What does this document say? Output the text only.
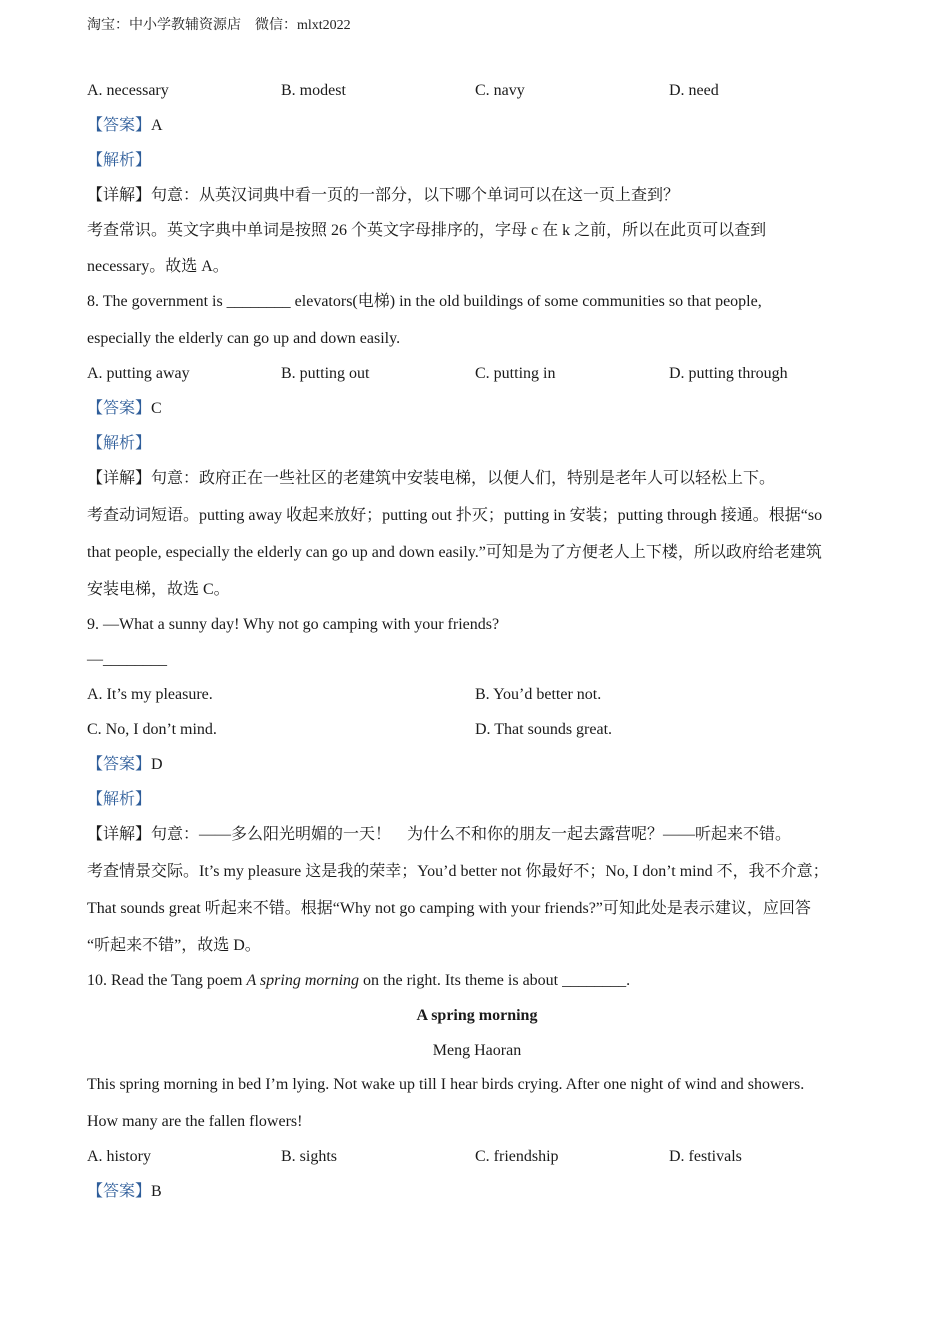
淘宝：中小学教辅资源店　微信：mlxt2022
A. necessary	B. modest	C. navy	D. need
【答案】A
【解析】
【详解】句意：从英汉词典中看一页的一部分，以下哪个单词可以在这一页上查到？
考查常识。英文字典中单词是按照 26 个英文字母排序的，字母 c 在 k 之前，所以在此页可以查到
necessary。故选 A。
8. The government is ________ elevators(电梯) in the old buildings of some communities so that people,
especially the elderly can go up and down easily.
A. putting away	B. putting out	C. putting in	D. putting through
【答案】C
【解析】
【详解】句意：政府正在一些社区的老建筑中安装电梯，以便人们，特别是老年人可以轻松上下。
考查动词短语。putting away 收起来放好；putting out 扑灭；putting in 安装；putting through 接通。根据“so
that people, especially the elderly can go up and down easily.”可知是为了方便老人上下楼，所以政府给老建筑
安装电梯，故选 C。
9. —What a sunny day! Why not go camping with your friends?
—________
A. It’s my pleasure.	B. You’d better not.
C. No, I don’t mind.	D. That sounds great.
【答案】D
【解析】
【详解】句意：——多么阳光明媚的一天！　为什么不和你的朋友一起去露营呢？——听起来不错。
考查情景交际。It’s my pleasure 这是我的荣幸；You’d better not 你最好不；No, I don’t mind 不，我不介意；
That sounds great 听起来不错。根据“Why not go camping with your friends?”可知此处是表示建议，应回答
“听起来不错”，故选 D。
10. Read the Tang poem A spring morning on the right. Its theme is about ________.
A spring morning
Meng Haoran
This spring morning in bed I’m lying. Not wake up till I hear birds crying. After one night of wind and showers.
How many are the fallen flowers!
A. history	B. sights	C. friendship	D. festivals
【答案】B
